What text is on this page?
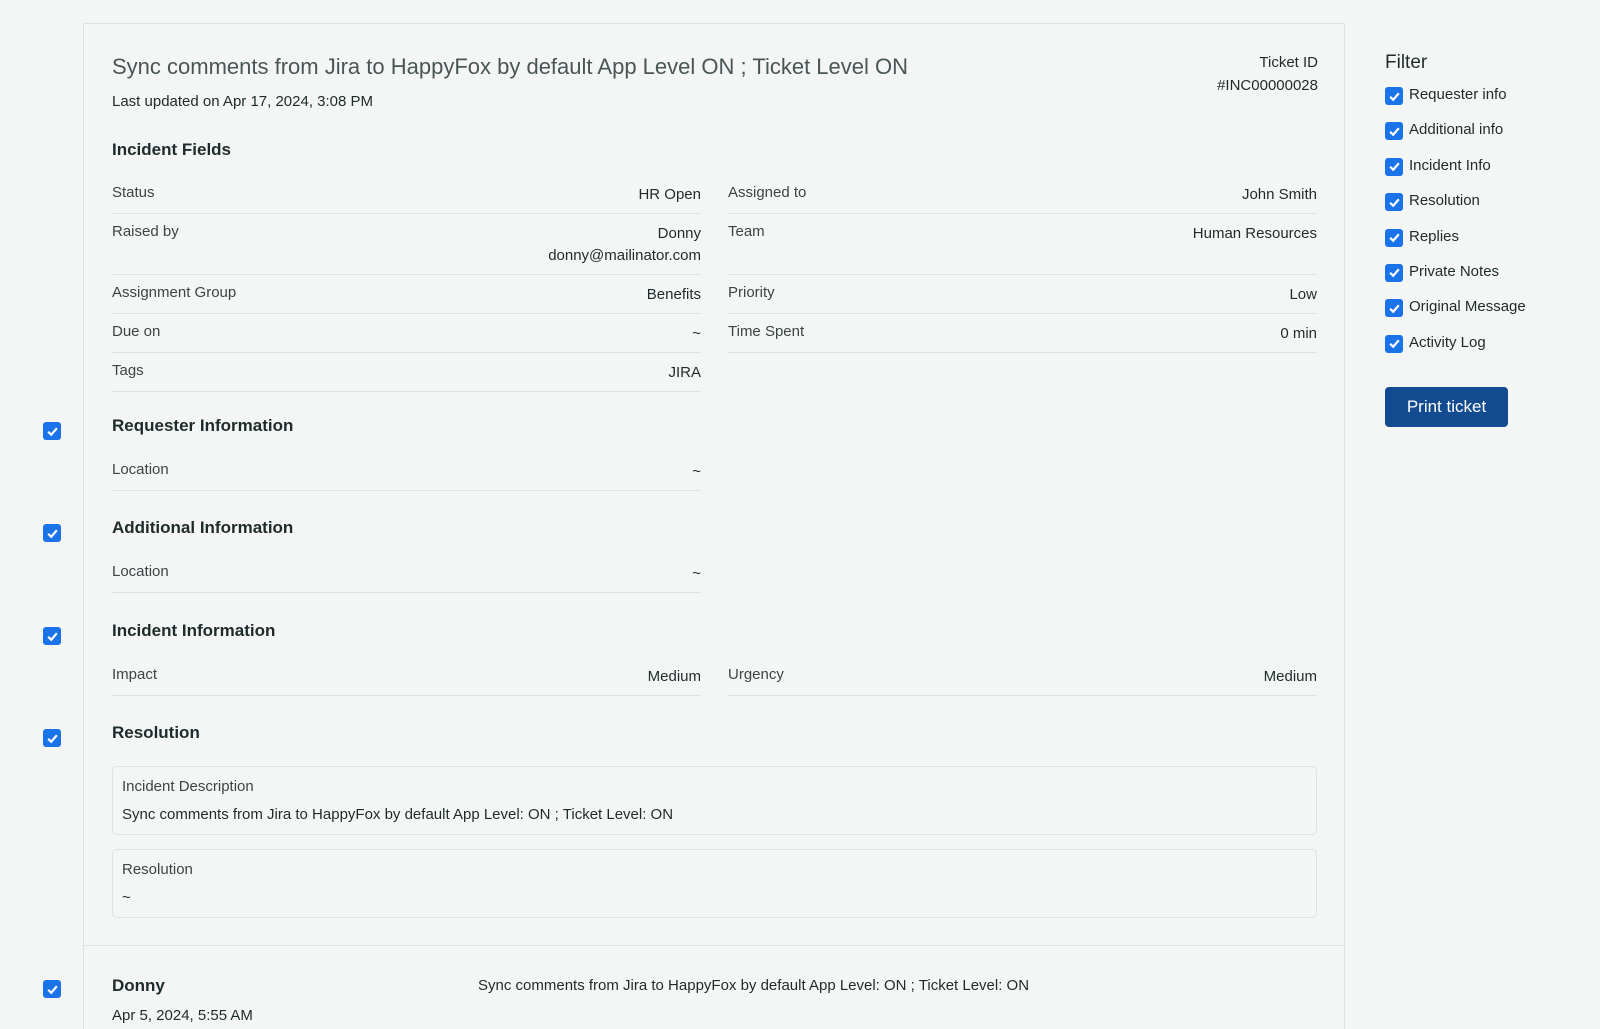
Sync comments from Jira to HappyFox by default App Level ON ; Ticket Level ON
Last updated on Apr 17, 2024, 3:08 PM
Ticket ID
#INC00000028
Incident Fields
Status	HR Open Assigned to	John Smith
Raised by	Donny
donny@mailinator.com
Team	Human Resources
Assignment Group	Benefits Priority	Low
Due on	~ Time Spent	0 min
Tags	JIRA
Requester Information
Location	~
Additional Information
Location	~
Incident Information
Impact	Medium Urgency	Medium
Resolution
Incident Description
Sync comments from Jira to HappyFox by default App Level: ON ; Ticket Level: ON
Resolution
~
Donny
Apr 5, 2024, 5:55 AM
Sync comments from Jira to HappyFox by default App Level: ON ; Ticket Level: ON
Filter
Requester info
Additional info
Incident Info
Resolution
Replies
Private Notes
Original Message
Activity Log
Print ticket
